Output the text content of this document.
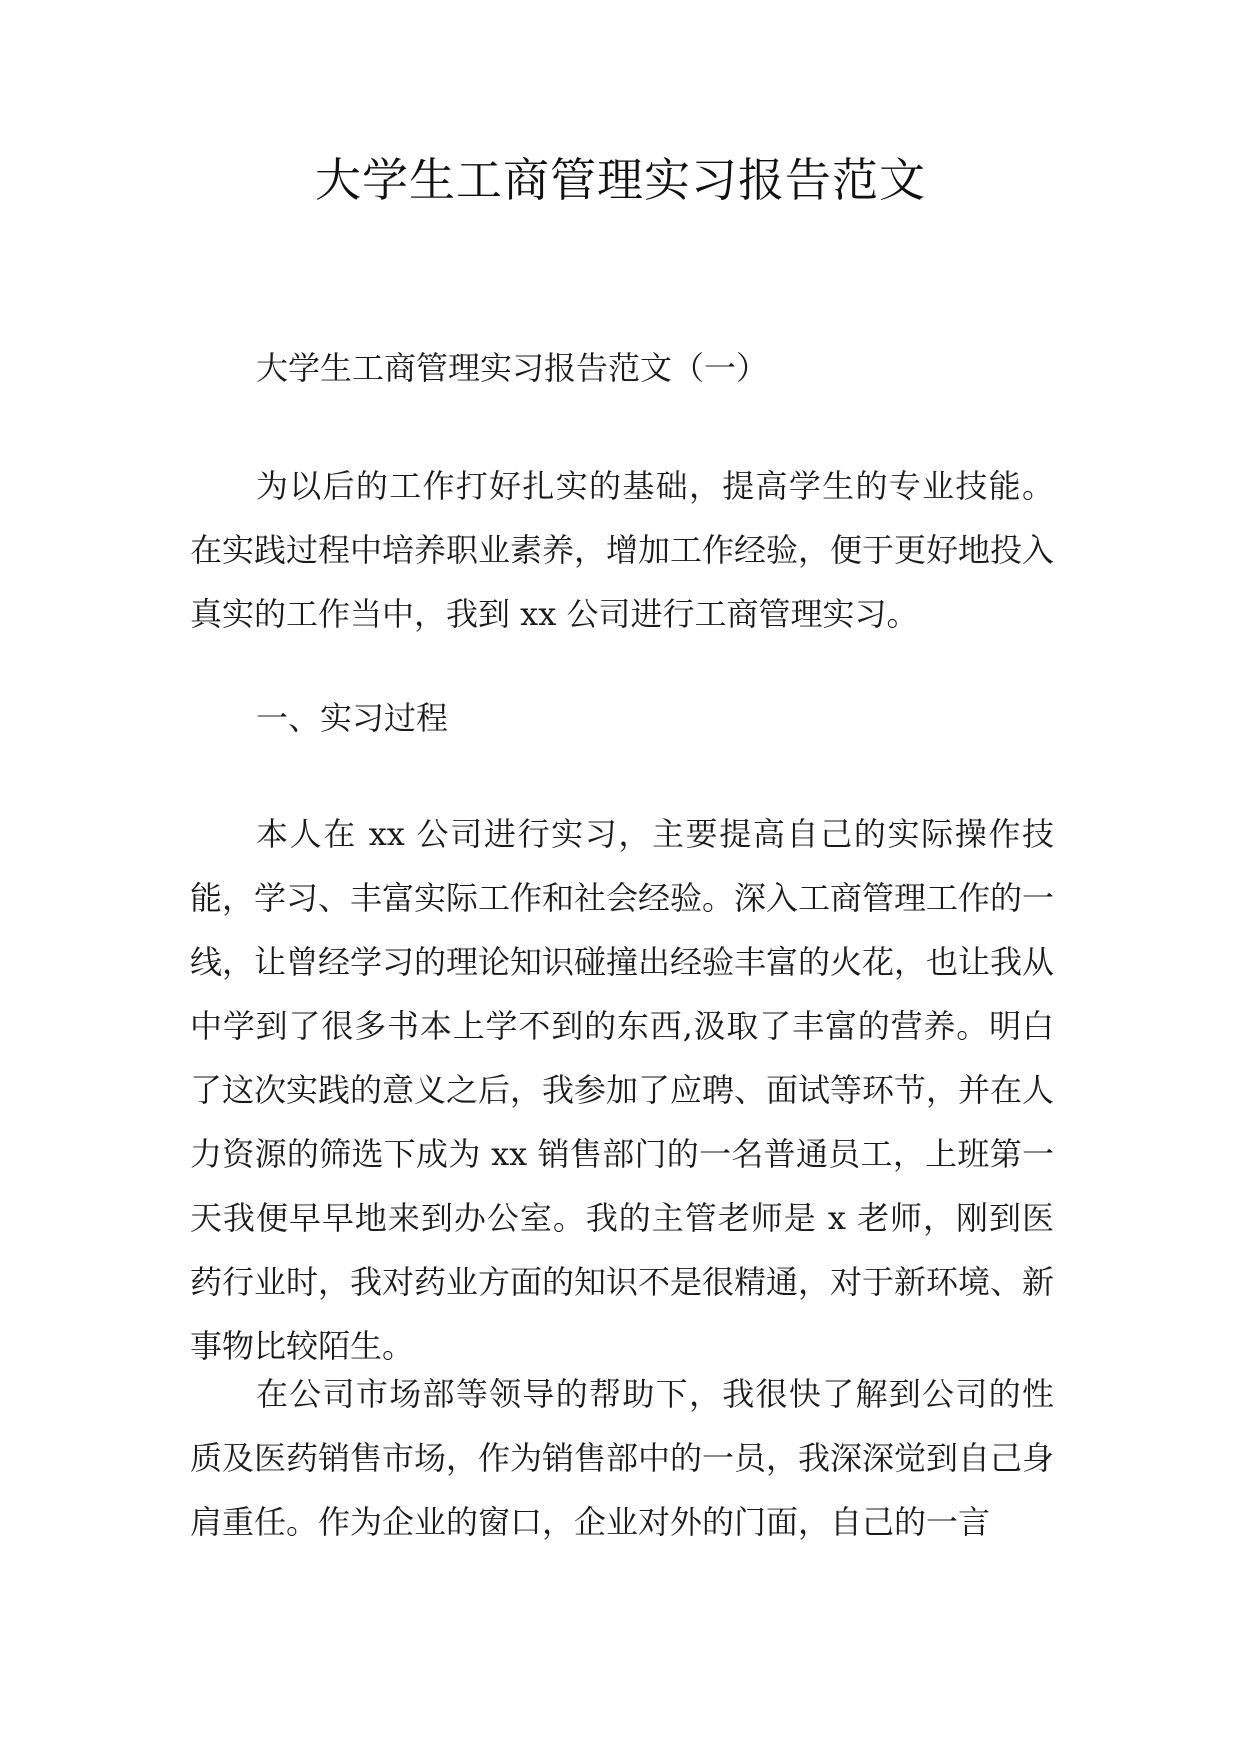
大学生工商管理实习报告范文

大学生工商管理实习报告范文（一）

为以后的工作打好扎实的基础，提高学生的专业技能。在实践过程中培养职业素养，增加工作经验，便于更好地投入真实的工作当中，我到 xx 公司进行工商管理实习。

一、实习过程

本人在 xx 公司进行实习，主要提高自己的实际操作技能，学习、丰富实际工作和社会经验。深入工商管理工作的一线，让曾经学习的理论知识碰撞出经验丰富的火花，也让我从中学到了很多书本上学不到的东西,汲取了丰富的营养。明白了这次实践的意义之后，我参加了应聘、面试等环节，并在人力资源的筛选下成为 xx 销售部门的一名普通员工，上班第一天我便早早地来到办公室。我的主管老师是 x 老师，刚到医药行业时，我对药业方面的知识不是很精通，对于新环境、新事物比较陌生。

在公司市场部等领导的帮助下，我很快了解到公司的性质及医药销售市场，作为销售部中的一员，我深深觉到自己身肩重任。作为企业的窗口，企业对外的门面，自己的一言
